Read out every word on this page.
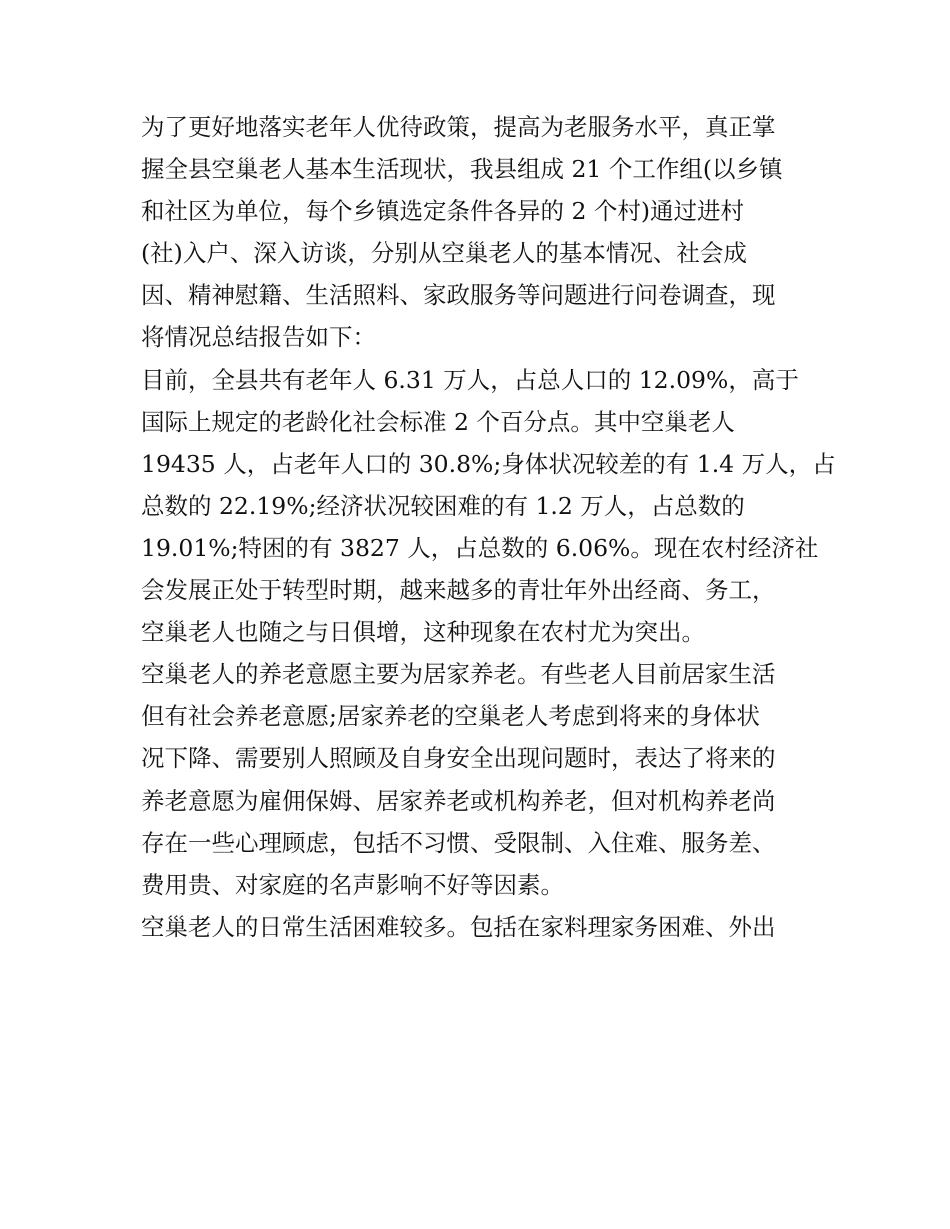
为了更好地落实老年人优待政策，提高为老服务水平，真正掌
握全县空巢老人基本生活现状，我县组成 21 个工作组(以乡镇
和社区为单位，每个乡镇选定条件各异的 2 个村)通过进村
(社)入户、深入访谈，分别从空巢老人的基本情况、社会成
因、精神慰籍、生活照料、家政服务等问题进行问卷调查，现
将情况总结报告如下：
目前，全县共有老年人 6.31 万人，占总人口的 12.09%，高于
国际上规定的老龄化社会标准 2 个百分点。其中空巢老人
19435 人，占老年人口的 30.8%;身体状况较差的有 1.4 万人，占
总数的 22.19%;经济状况较困难的有 1.2 万人，占总数的
19.01%;特困的有 3827 人，占总数的 6.06%。现在农村经济社
会发展正处于转型时期，越来越多的青壮年外出经商、务工，
空巢老人也随之与日俱增，这种现象在农村尤为突出。
空巢老人的养老意愿主要为居家养老。有些老人目前居家生活
但有社会养老意愿;居家养老的空巢老人考虑到将来的身体状
况下降、需要别人照顾及自身安全出现问题时，表达了将来的
养老意愿为雇佣保姆、居家养老或机构养老，但对机构养老尚
存在一些心理顾虑，包括不习惯、受限制、入住难、服务差、
费用贵、对家庭的名声影响不好等因素。
空巢老人的日常生活困难较多。包括在家料理家务困难、外出
